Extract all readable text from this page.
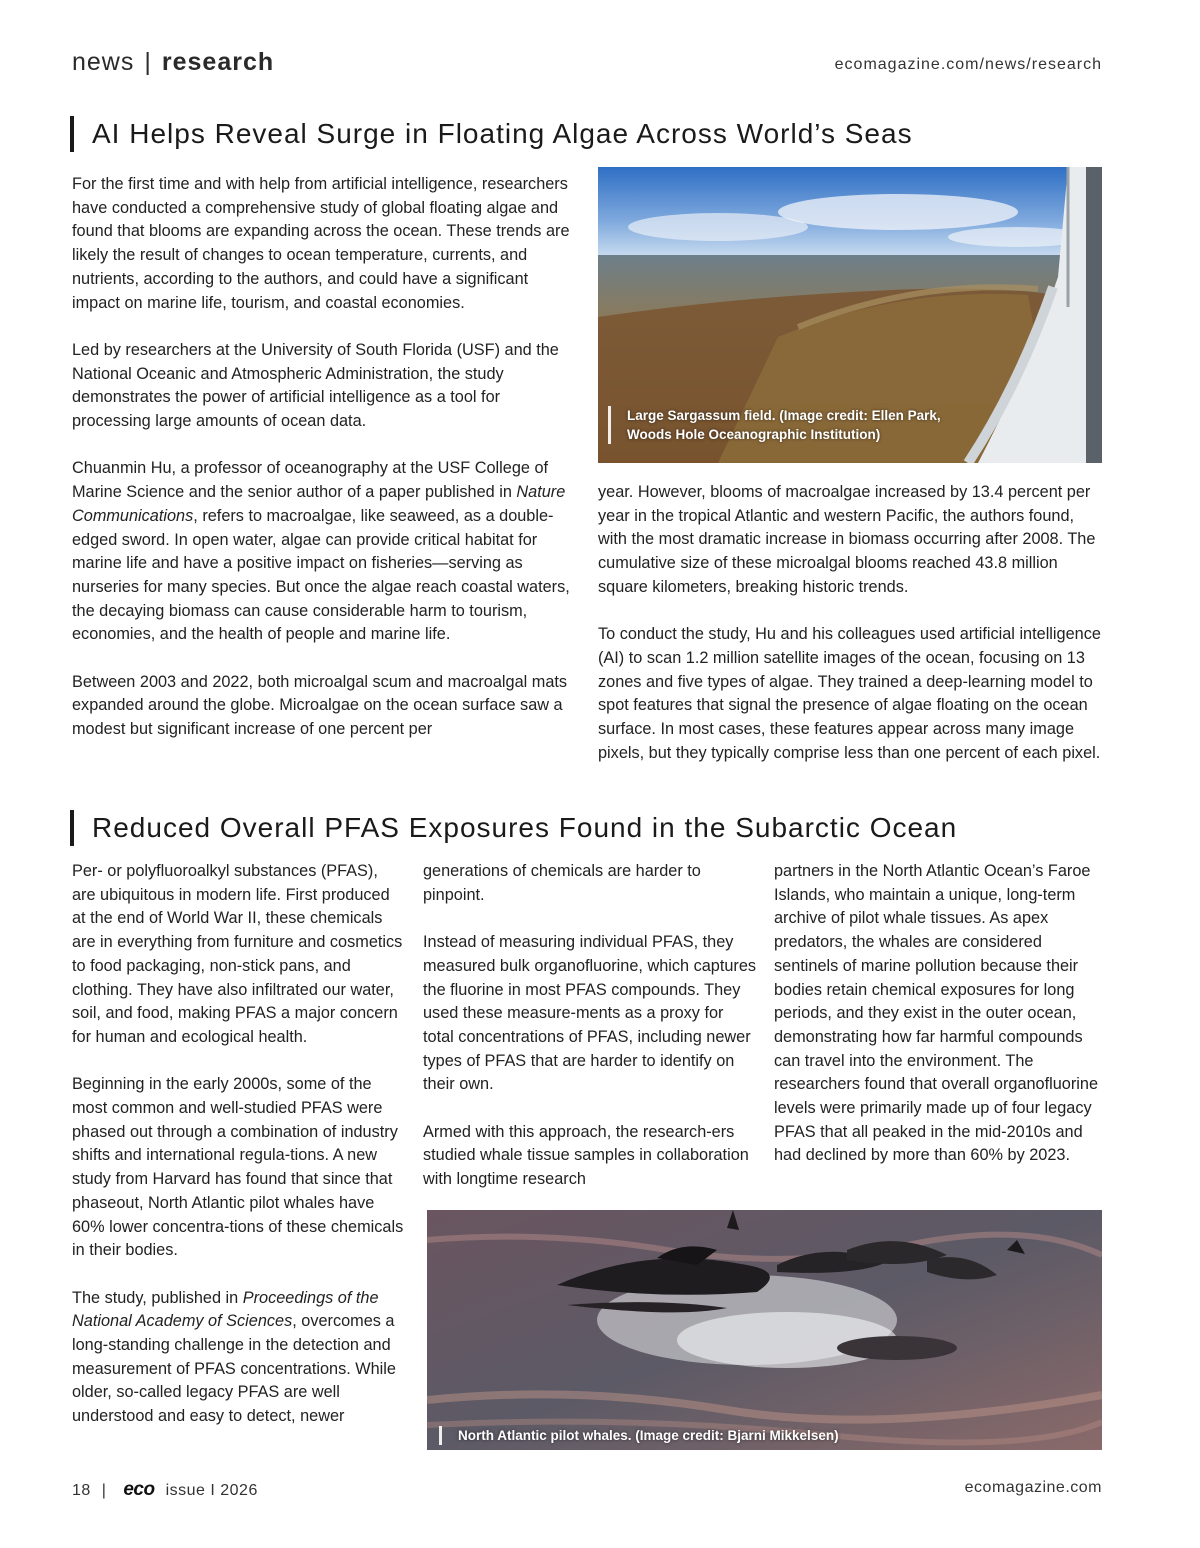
news | research	ecomagazine.com/news/research
AI Helps Reveal Surge in Floating Algae Across World’s Seas

For the first time and with help from artificial intelligence, researchers have conducted a comprehensive study of global floating algae and found that blooms are expanding across the ocean. These trends are likely the result of changes to ocean temperature, currents, and nutrients, according to the authors, and could have a significant impact on marine life, tourism, and coastal economies.

Led by researchers at the University of South Florida (USF) and the National Oceanic and Atmospheric Administration, the study demonstrates the power of artificial intelligence as a tool for processing large amounts of ocean data.

Chuanmin Hu, a professor of oceanography at the USF College of Marine Science and the senior author of a paper published in Nature Communications, refers to macroalgae, like seaweed, as a double-edged sword. In open water, algae can provide critical habitat for marine life and have a positive impact on fisheries—serving as nurseries for many species. But once the algae reach coastal waters, the decaying biomass can cause considerable harm to tourism, economies, and the health of people and marine life.

Between 2003 and 2022, both microalgal scum and macroalgal mats expanded around the globe. Microalgae on the ocean surface saw a modest but significant increase of one percent per

Large Sargassum field. (Image credit: Ellen Park,
Woods Hole Oceanographic Institution)

year. However, blooms of macroalgae increased by 13.4 percent per year in the tropical Atlantic and western Pacific, the authors found, with the most dramatic increase in biomass occurring after 2008. The cumulative size of these microalgal blooms reached 43.8 million square kilometers, breaking historic trends.

To conduct the study, Hu and his colleagues used artificial intelligence (AI) to scan 1.2 million satellite images of the ocean, focusing on 13 zones and five types of algae. They trained a deep-learning model to spot features that signal the presence of algae floating on the ocean surface. In most cases, these features appear across many image pixels, but they typically comprise less than one percent of each pixel.

Reduced Overall PFAS Exposures Found in the Subarctic Ocean

Per- or polyfluoroalkyl substances (PFAS), are ubiquitous in modern life. First produced at the end of World War II, these chemicals are in everything from furniture and cosmetics to food packaging, non-stick pans, and clothing. They have also infiltrated our water, soil, and food, making PFAS a major concern for human and ecological health.

Beginning in the early 2000s, some of the most common and well-studied PFAS were phased out through a combination of industry shifts and international regula-tions. A new study from Harvard has found that since that phaseout, North Atlantic pilot whales have 60% lower concentra-tions of these chemicals in their bodies.

The study, published in Proceedings of the National Academy of Sciences, overcomes a long-standing challenge in the detection and measurement of PFAS concentrations. While older, so-called legacy PFAS are well understood and easy to detect, newer

generations of chemicals are harder to pinpoint.

Instead of measuring individual PFAS, they measured bulk organofluorine, which captures the fluorine in most PFAS compounds. They used these measure-ments as a proxy for total concentrations of PFAS, including newer types of PFAS that are harder to identify on their own.

Armed with this approach, the research-ers studied whale tissue samples in collaboration with longtime research

partners in the North Atlantic Ocean’s Faroe Islands, who maintain a unique, long-term archive of pilot whale tissues. As apex predators, the whales are considered sentinels of marine pollution because their bodies retain chemical exposures for long periods, and they exist in the outer ocean, demonstrating how far harmful compounds can travel into the environment. The researchers found that overall organofluorine levels were primarily made up of four legacy PFAS that all peaked in the mid-2010s and had declined by more than 60% by 2023.

North Atlantic pilot whales. (Image credit: Bjarni Mikkelsen)
18 | eco issue I 2026	ecomagazine.com
